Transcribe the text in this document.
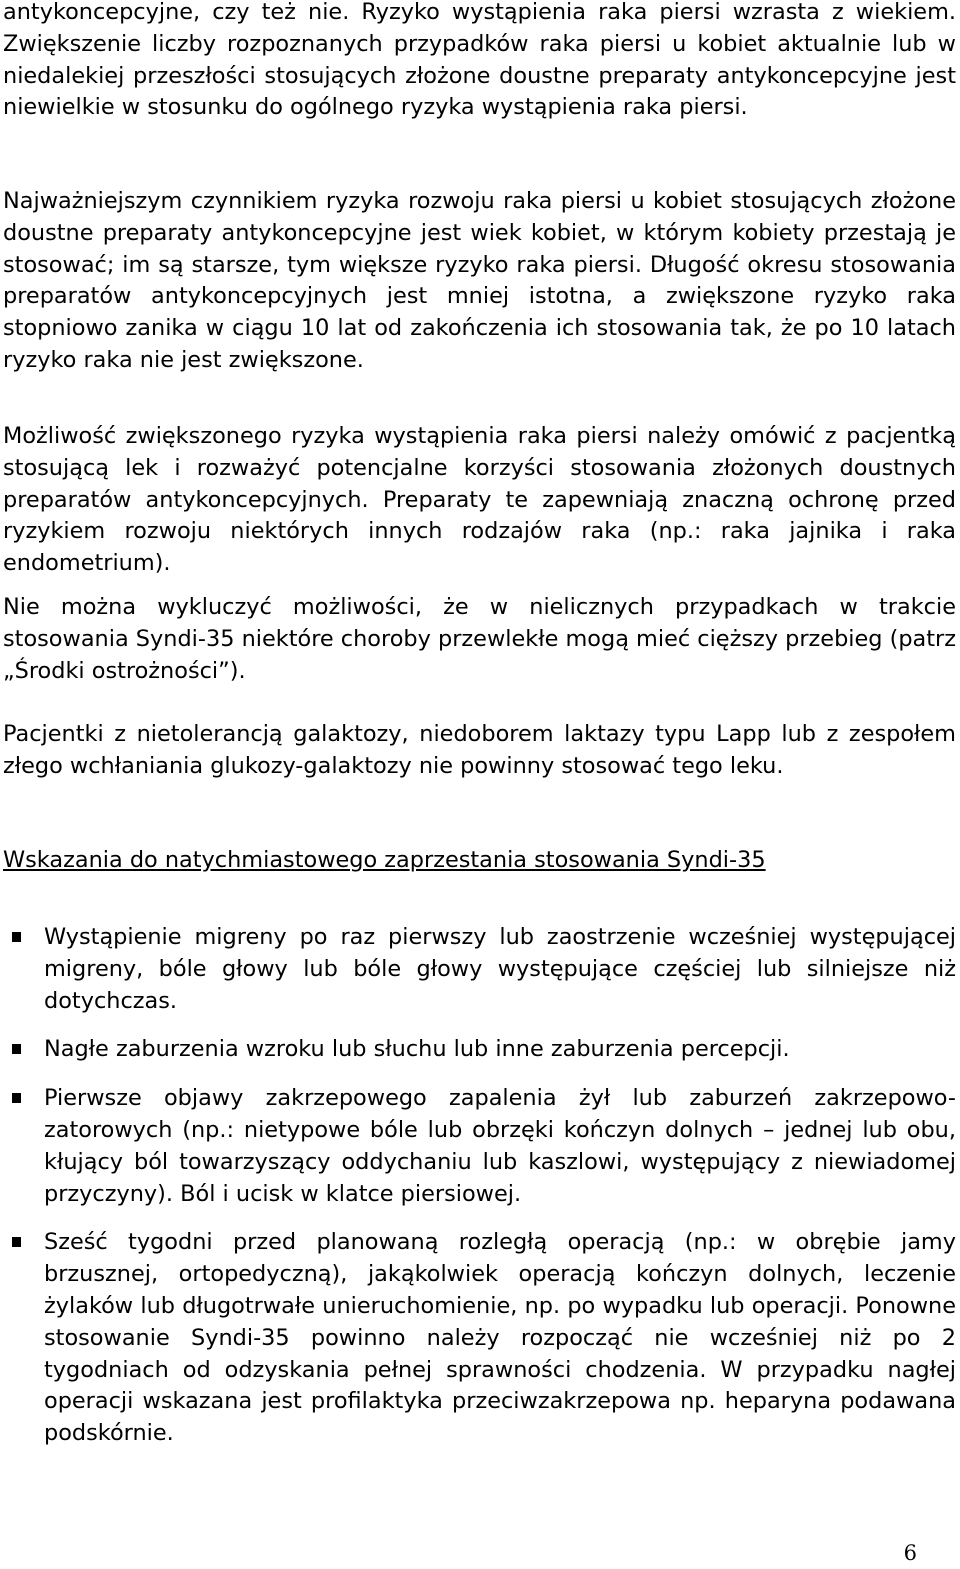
antykoncepcyjne, czy też nie. Ryzyko wystąpienia raka piersi wzrasta z wiekiem. Zwiększenie liczby rozpoznanych przypadków raka piersi u kobiet aktualnie lub w niedalekiej przeszłości stosujących złożone doustne preparaty antykoncepcyjne jest niewielkie w stosunku do ogólnego ryzyka wystąpienia raka piersi.

Najważniejszym czynnikiem ryzyka rozwoju raka piersi u kobiet stosujących złożone doustne preparaty antykoncepcyjne jest wiek kobiet, w którym kobiety przestają je stosować; im są starsze, tym większe ryzyko raka piersi. Długość okresu stosowania preparatów antykoncepcyjnych jest mniej istotna, a zwiększone ryzyko raka stopniowo zanika w ciągu 10 lat od zakończenia ich stosowania tak, że po 10 latach ryzyko raka nie jest zwiększone.

Możliwość zwiększonego ryzyka wystąpienia raka piersi należy omówić z pacjentką stosującą lek i rozważyć potencjalne korzyści stosowania złożonych doustnych preparatów antykoncepcyjnych. Preparaty te zapewniają znaczną ochronę przed ryzykiem rozwoju niektórych innych rodzajów raka (np.: raka jajnika i raka endometrium).

Nie można wykluczyć możliwości, że w nielicznych przypadkach w trakcie stosowania Syndi-35 niektóre choroby przewlekłe mogą mieć cięższy przebieg (patrz „Środki ostrożności”).

Pacjentki z nietolerancją galaktozy, niedoborem laktazy typu Lapp lub z zespołem złego wchłaniania glukozy-galaktozy nie powinny stosować tego leku.

Wskazania do natychmiastowego zaprzestania stosowania Syndi-35

Wystąpienie migreny po raz pierwszy lub zaostrzenie wcześniej występującej migreny, bóle głowy lub bóle głowy występujące częściej lub silniejsze niż dotychczas.
Nagłe zaburzenia wzroku lub słuchu lub inne zaburzenia percepcji.
Pierwsze objawy zakrzepowego zapalenia żył lub zaburzeń zakrzepowo-zatorowych (np.: nietypowe bóle lub obrzęki kończyn dolnych – jednej lub obu, kłujący ból towarzyszący oddychaniu lub kaszlowi, występujący z niewiadomej przyczyny). Ból i ucisk w klatce piersiowej.
Sześć tygodni przed planowaną rozległą operacją (np.: w obrębie jamy brzusznej, ortopedyczną), jakąkolwiek operacją kończyn dolnych, leczenie żylaków lub długotrwałe unieruchomienie, np. po wypadku lub operacji. Ponowne stosowanie Syndi-35 powinno należy rozpocząć nie wcześniej niż po 2 tygodniach od odzyskania pełnej sprawności chodzenia. W przypadku nagłej operacji wskazana jest profilaktyka przeciwzakrzepowa np. heparyna podawana podskórnie.
6
